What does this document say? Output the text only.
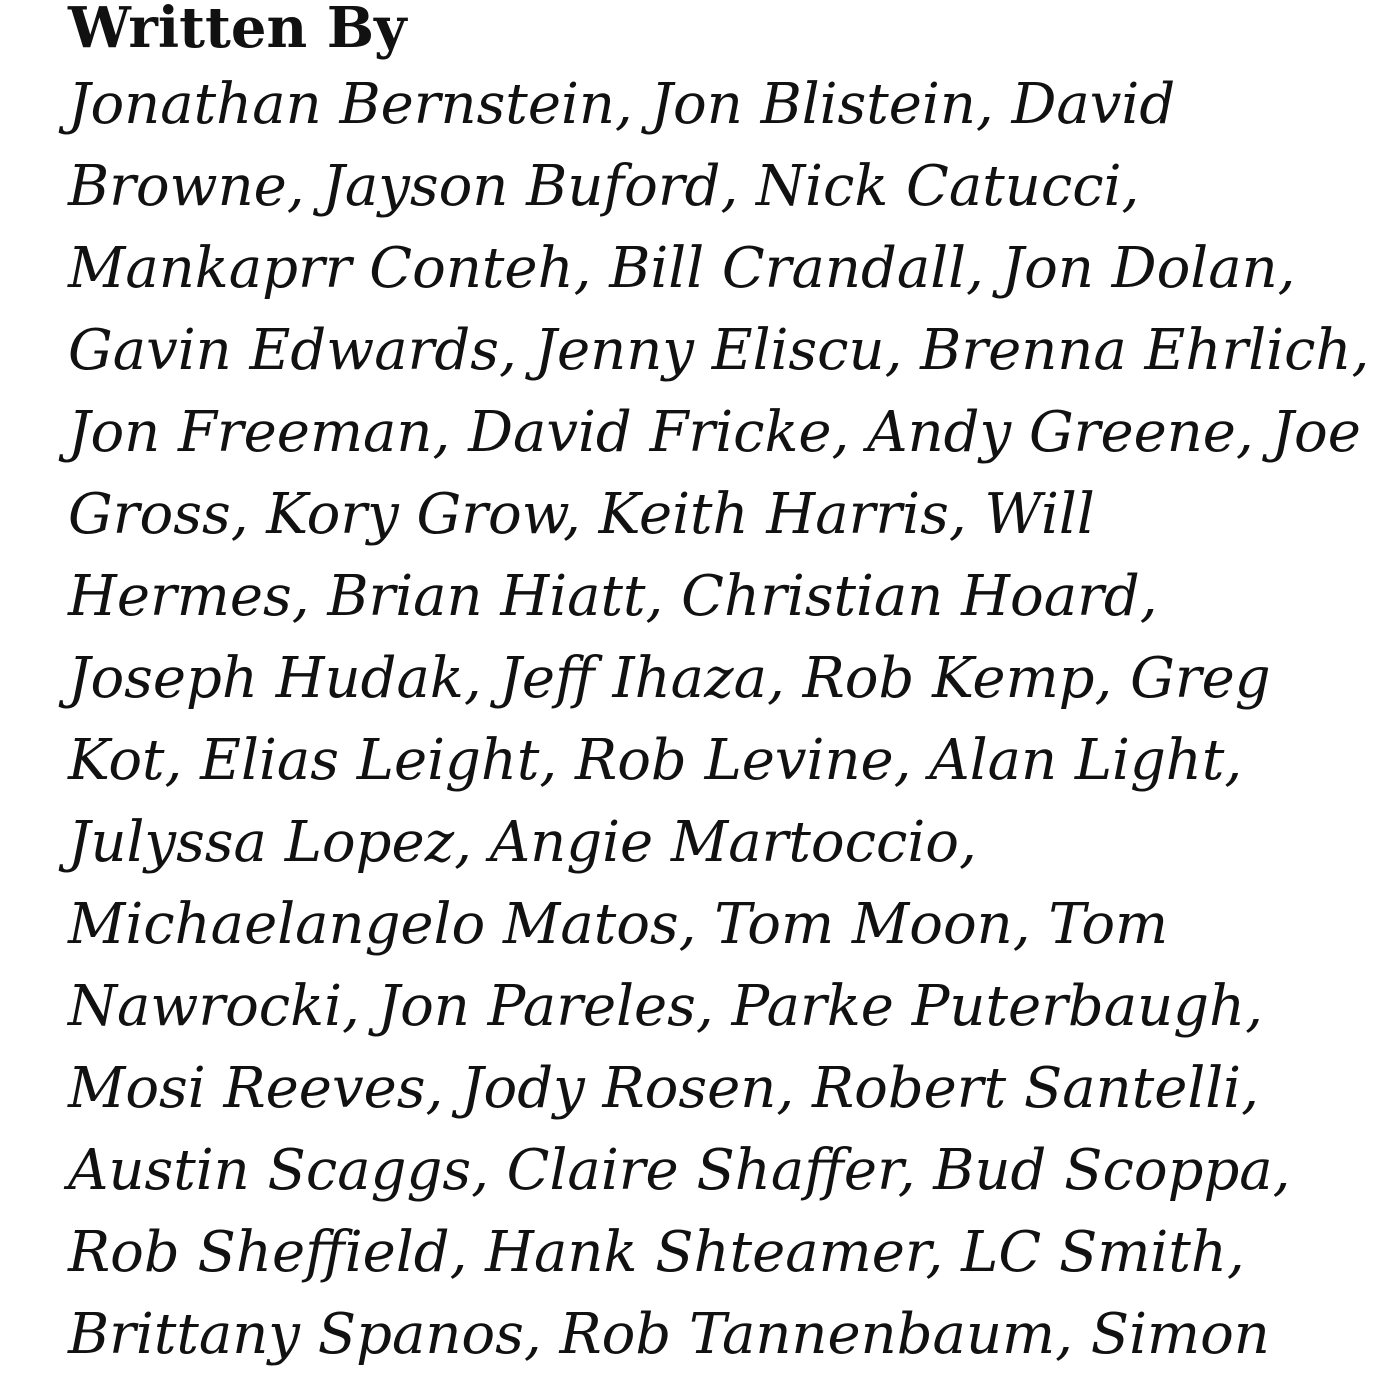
Written By

Jonathan Bernstein, Jon Blistein, David
Browne, Jayson Buford, Nick Catucci,
Mankaprr Conteh, Bill Crandall, Jon Dolan,
Gavin Edwards, Jenny Eliscu, Brenna Ehrlich,
Jon Freeman, David Fricke, Andy Greene, Joe
Gross, Kory Grow, Keith Harris, Will
Hermes, Brian Hiatt, Christian Hoard,
Joseph Hudak, Jeff Ihaza, Rob Kemp, Greg
Kot, Elias Leight, Rob Levine, Alan Light,
Julyssa Lopez, Angie Martoccio,
Michaelangelo Matos, Tom Moon, Tom
Nawrocki, Jon Pareles, Parke Puterbaugh,
Mosi Reeves, Jody Rosen, Robert Santelli,
Austin Scaggs, Claire Shaffer, Bud Scoppa,
Rob Sheffield, Hank Shteamer, LC Smith,
Brittany Spanos, Rob Tannenbaum, Simon
